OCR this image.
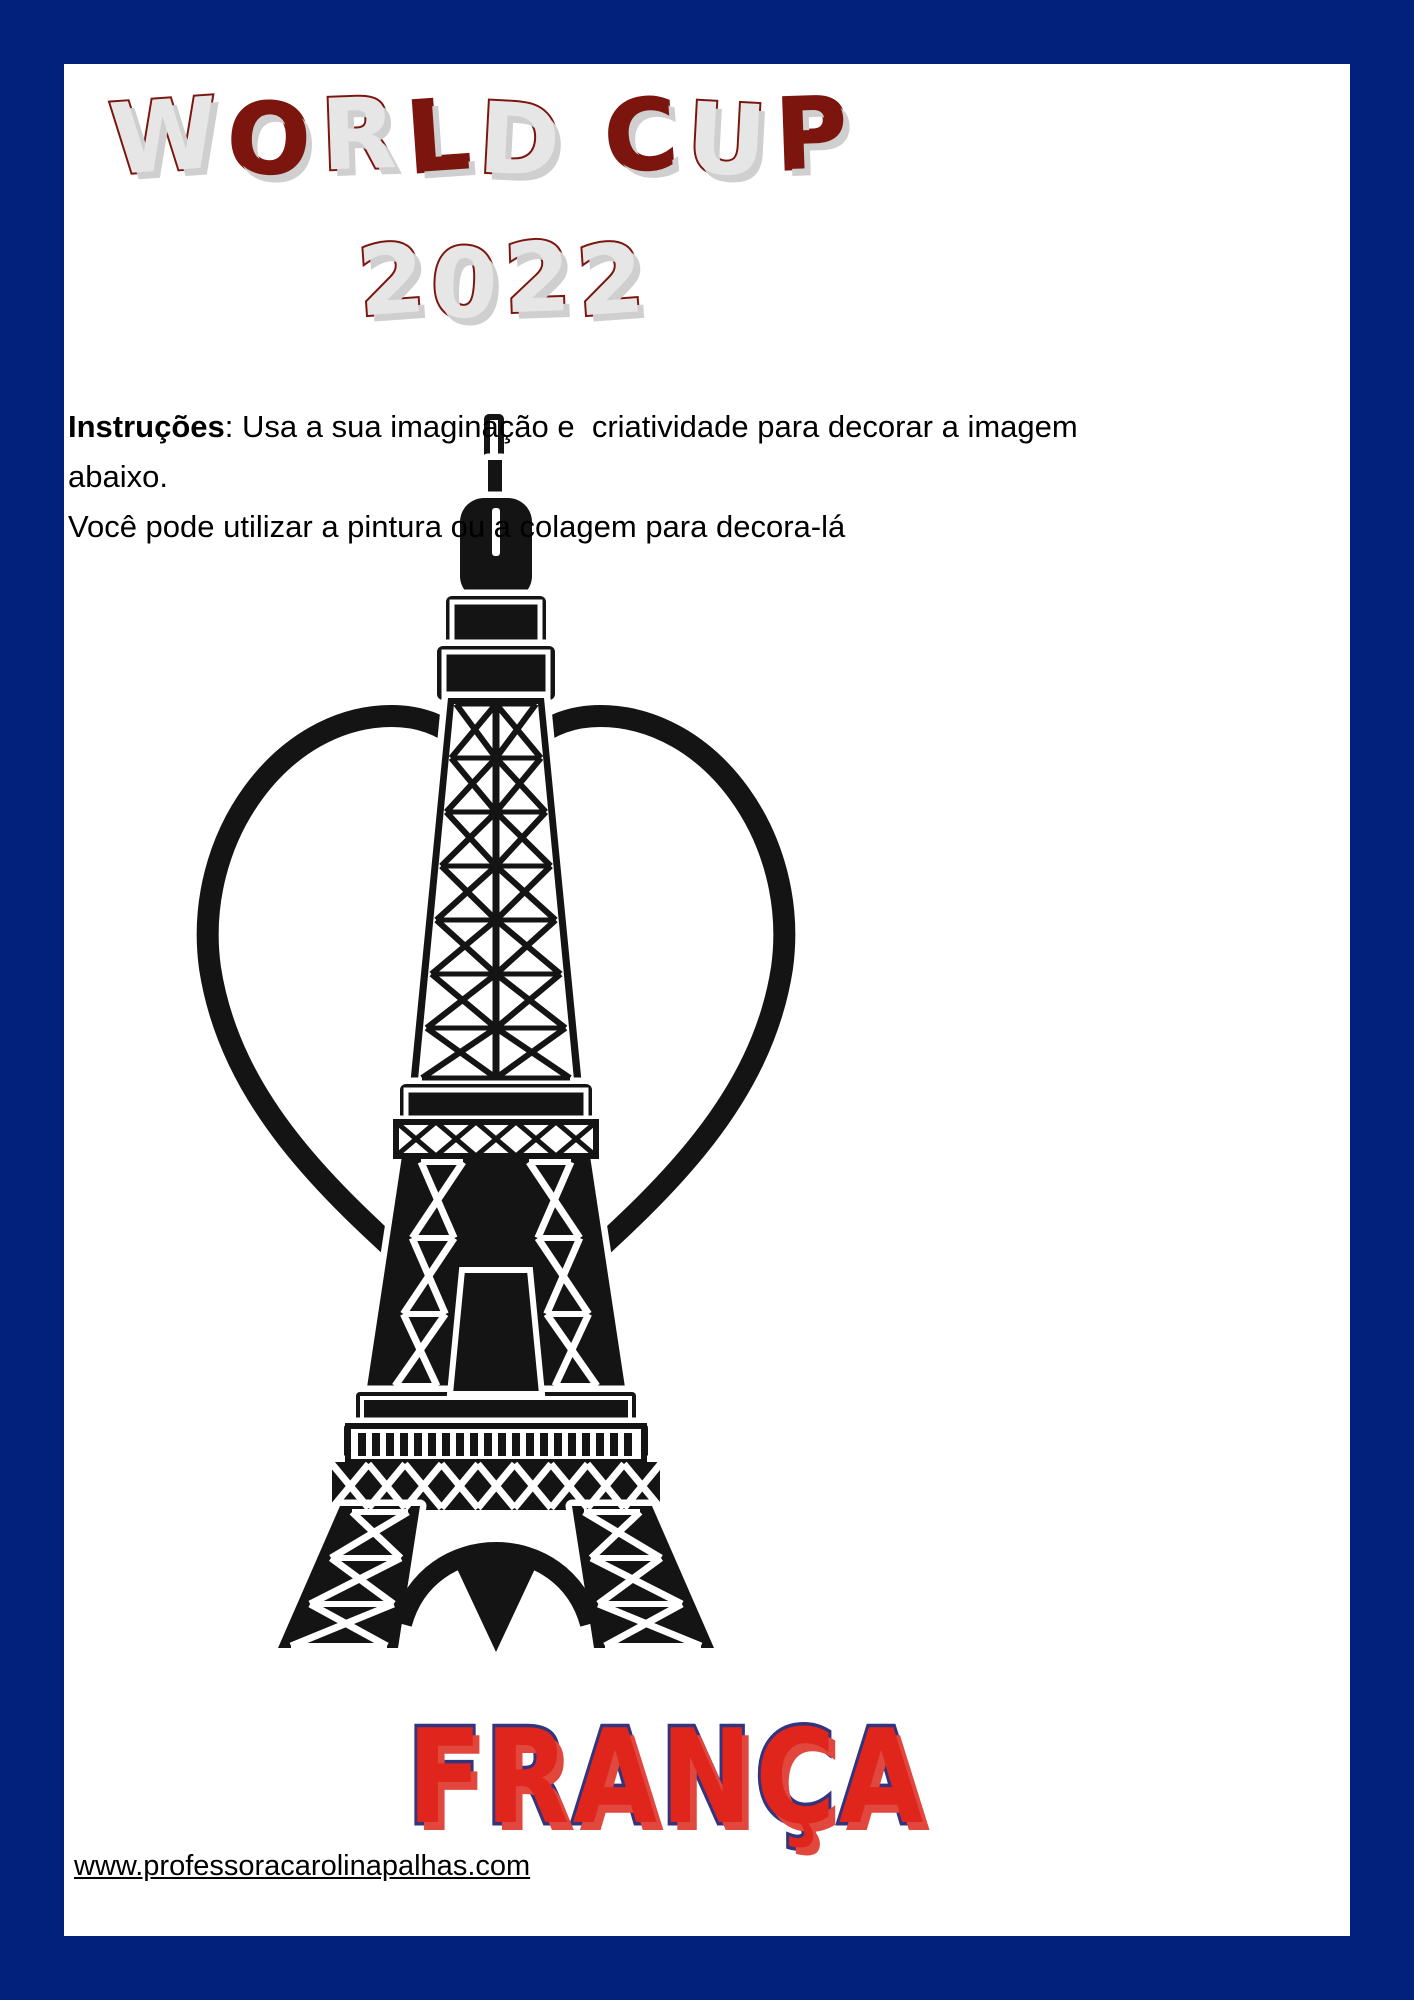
WORLD CUP
2022

Instruções: Usa a sua imaginação e  criatividade para decorar a imagem abaixo.
Você pode utilizar a pintura ou a colagem para decora-lá

FRANÇA
www.professoracarolinapalhas.com
